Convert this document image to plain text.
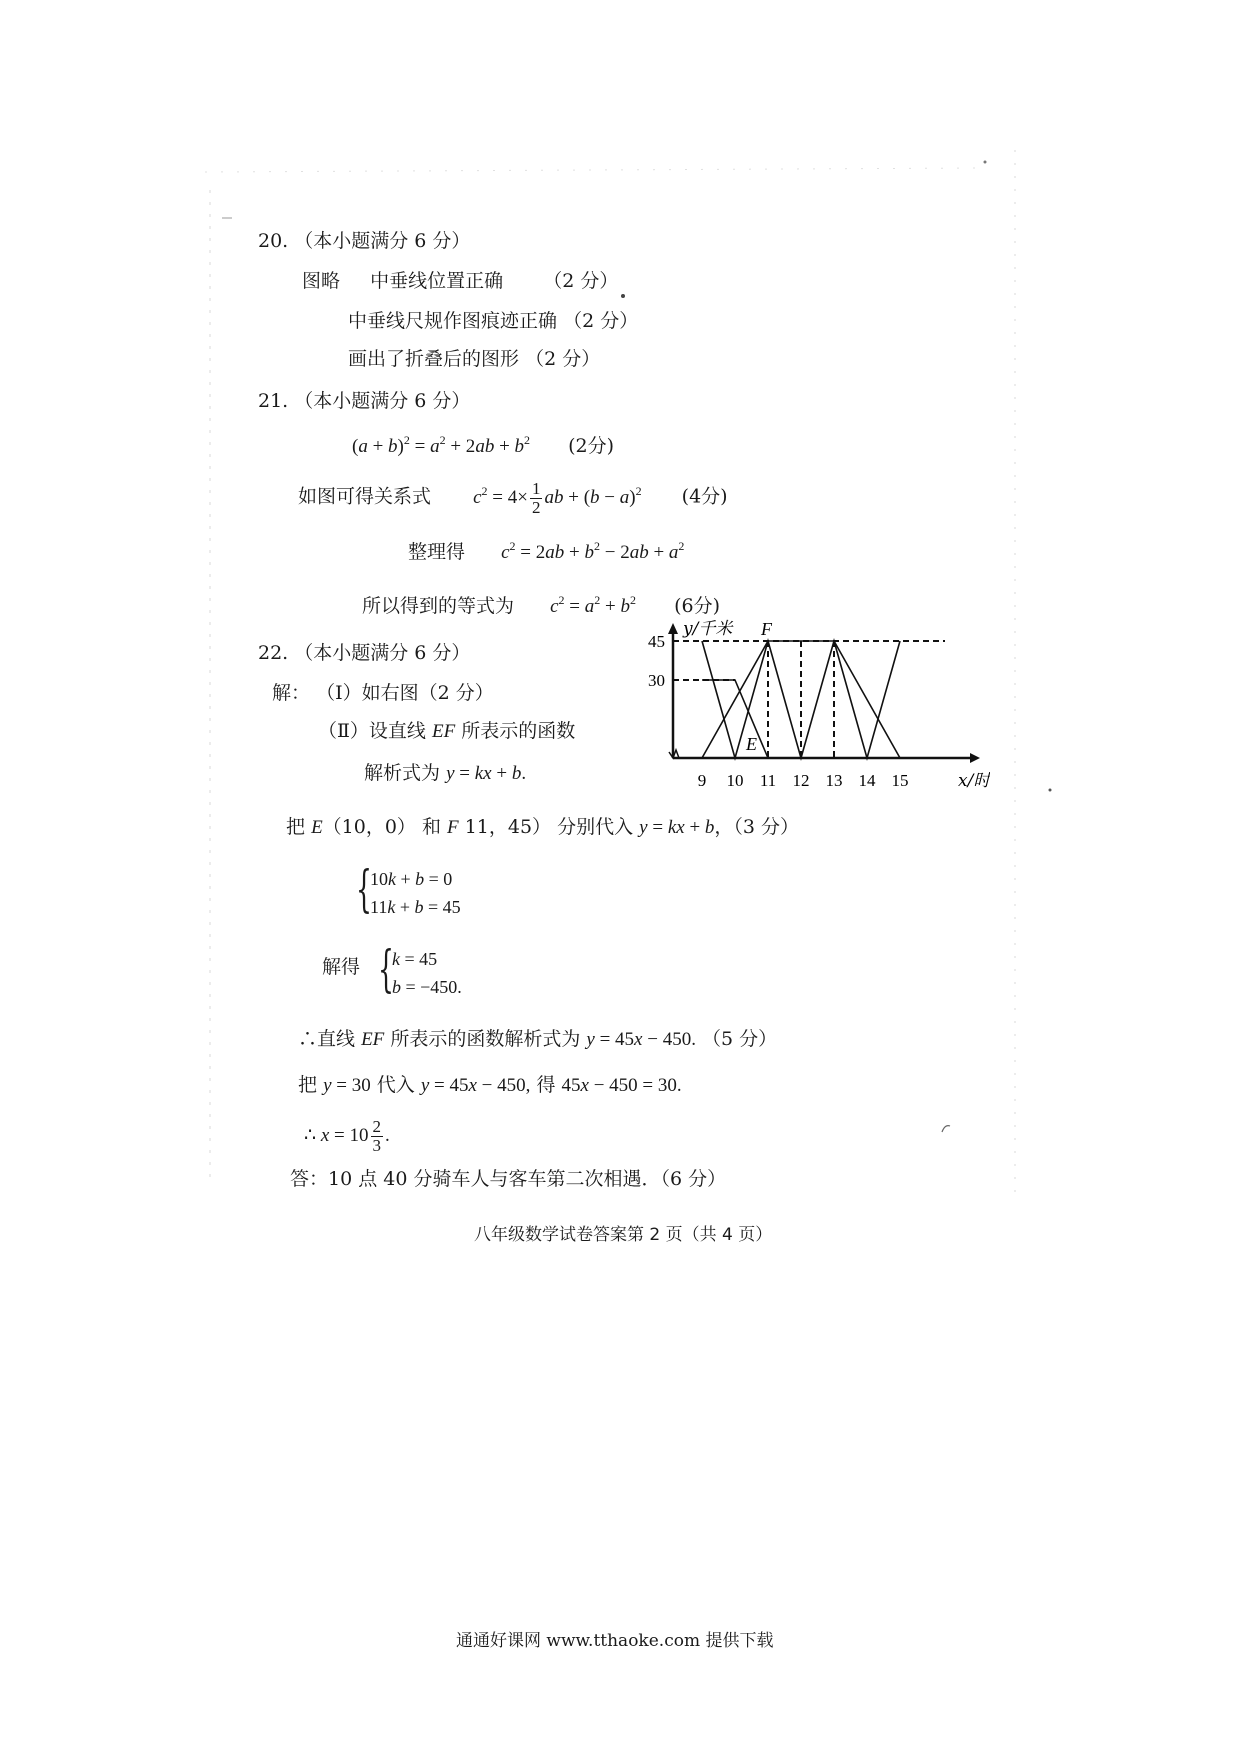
20. （本小题满分 6 分）
图略 中垂线位置正确 （2 分）
中垂线尺规作图痕迹正确 （2 分）
画出了折叠后的图形 （2 分）
21. （本小题满分 6 分）
$(a + b)^2 = a^2 + 2ab + b^2$ (2分)
如图可得关系式 $c^2 = 4\times \frac{1}{2}$ ab + $(b - a)^2$ (4分)
整理得 $c^2 = 2ab + b^2 - 2ab + a^2$
所以得到的等式为 $c^2 = a^2 + b^2$ (6分)
22. （本小题满分 6 分）
解： （Ⅰ）如右图（2 分）
（Ⅱ）设直线 EF 所表示的函数
解析式为 y = kx + b.	9 10 11 12 13 14 15
30
45
y/千米
x/时
F
E
把 E（10，0） 和 F 11，45） 分别代入 y = kx + b，（3 分）
{
10k + b = 0
11k + b = 45
解得 {
k = 45
b = −450.
∴直线 EF 所表示的函数解析式为 y = 45x − 450. （5 分）
把 y = 30 代入 y = 45x − 450, 得 45x − 450 = 30.
∴ $x = 10 \frac{2}{3}$ .
答：10 点 40 分骑车人与客车第二次相遇．（6 分）
八年级数学试卷答案第 2 页（共 4 页）
通通好课网 www.tthaoke.com 提供下载
